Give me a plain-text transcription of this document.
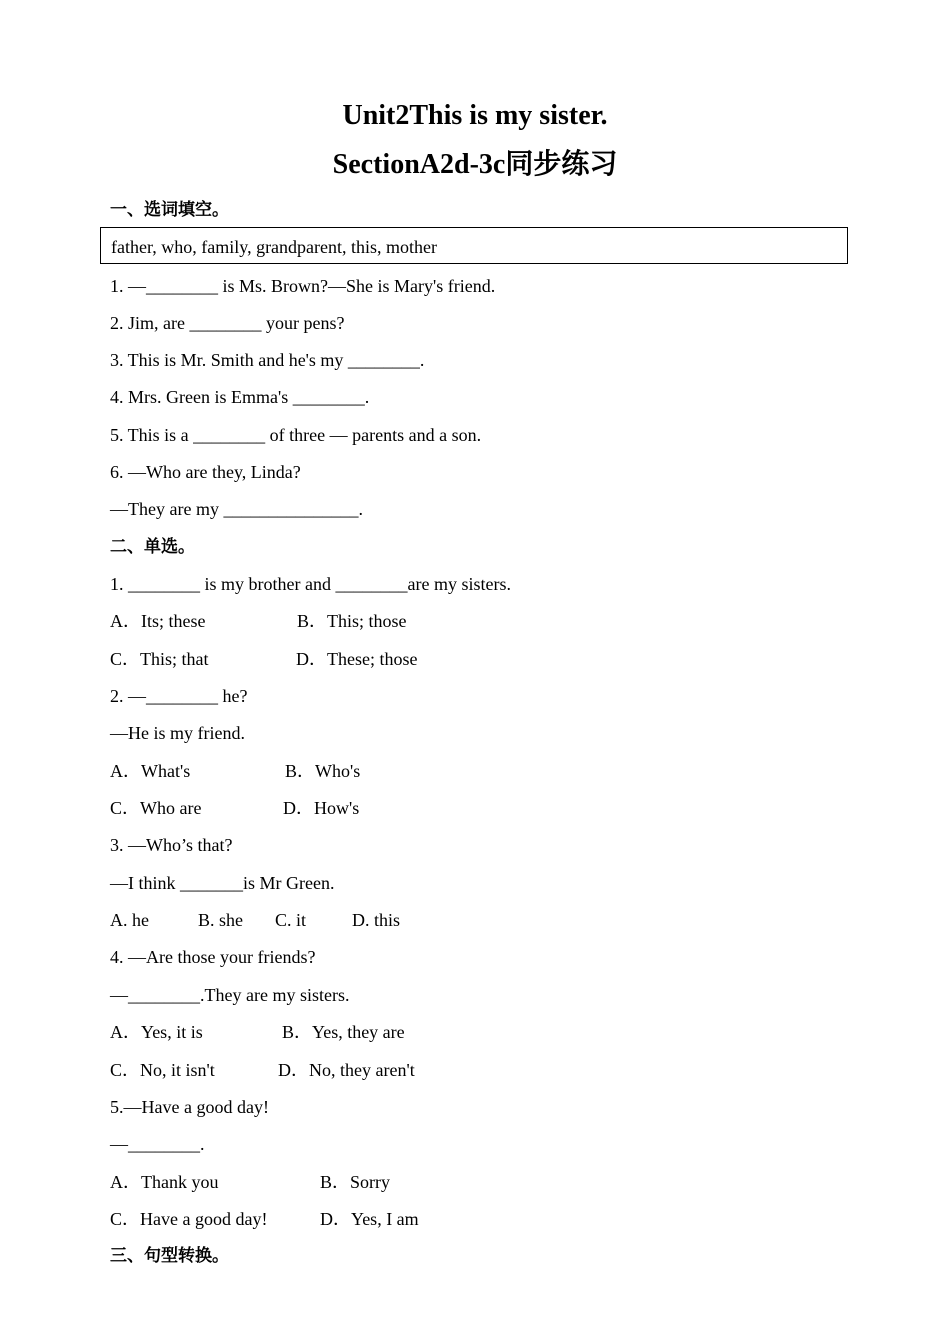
Unit2This is my sister.
SectionA2d-3c同步练习
一、选词填空。
father, who, family, grandparent, this, mother
1. —________ is Ms. Brown?—She is Mary's friend.
2. Jim, are ________ your pens?
3. This is Mr. Smith and he's my ________.
4. Mrs. Green is Emma's ________.
5. This is a ________ of three — parents and a son.
6. —Who are they, Linda?
—They are my _______________.
二、单选。
1. ________ is my brother and ________are my sisters.
A．Its; these	B．This; those
C．This; that	D．These; those
2. —________ he?
—He is my friend.
A．What's	B．Who's
C．Who are	D．How's
3. —Who’s that?
—I think _______is Mr Green.
A. he	B. she C. it	D. this
4. —Are those your friends?
—________.They are my sisters.
A．Yes, it is	B．Yes, they are
C．No, it isn't	D．No, they aren't
5.—Have a good day!
—________.
A．Thank you	B．Sorry
C．Have a good day!	D．Yes, I am
三、句型转换。
